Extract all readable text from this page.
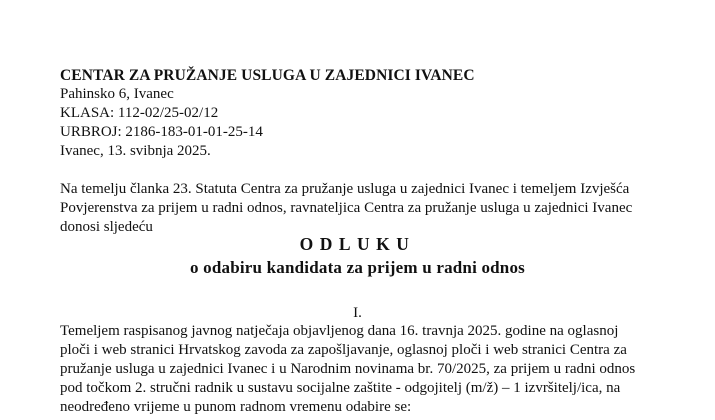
CENTAR ZA PRUŽANJE USLUGA U ZAJEDNICI IVANEC
Pahinsko 6, Ivanec
KLASA: 112-02/25-02/12
URBROJ: 2186-183-01-01-25-14
Ivanec, 13. svibnja 2025.
Na temelju članka 23. Statuta Centra za pružanje usluga u zajednici Ivanec i temeljem Izvješća
Povjerenstva za prijem u radni odnos, ravnateljica Centra za pružanje usluga u zajednici Ivanec
donosi sljedeću
ODLUKU
o odabiru kandidata za prijem u radni odnos
I.
Temeljem raspisanog javnog natječaja objavljenog dana 16. travnja 2025. godine na oglasnoj
ploči i web stranici Hrvatskog zavoda za zapošljavanje, oglasnoj ploči i web stranici Centra za
pružanje usluga u zajednici Ivanec i u Narodnim novinama br. 70/2025, za prijem u radni odnos
pod točkom 2. stručni radnik u sustavu socijalne zaštite - odgojitelj (m/ž) – 1 izvršitelj/ica, na
neodređeno vrijeme u punom radnom vremenu odabire se:
